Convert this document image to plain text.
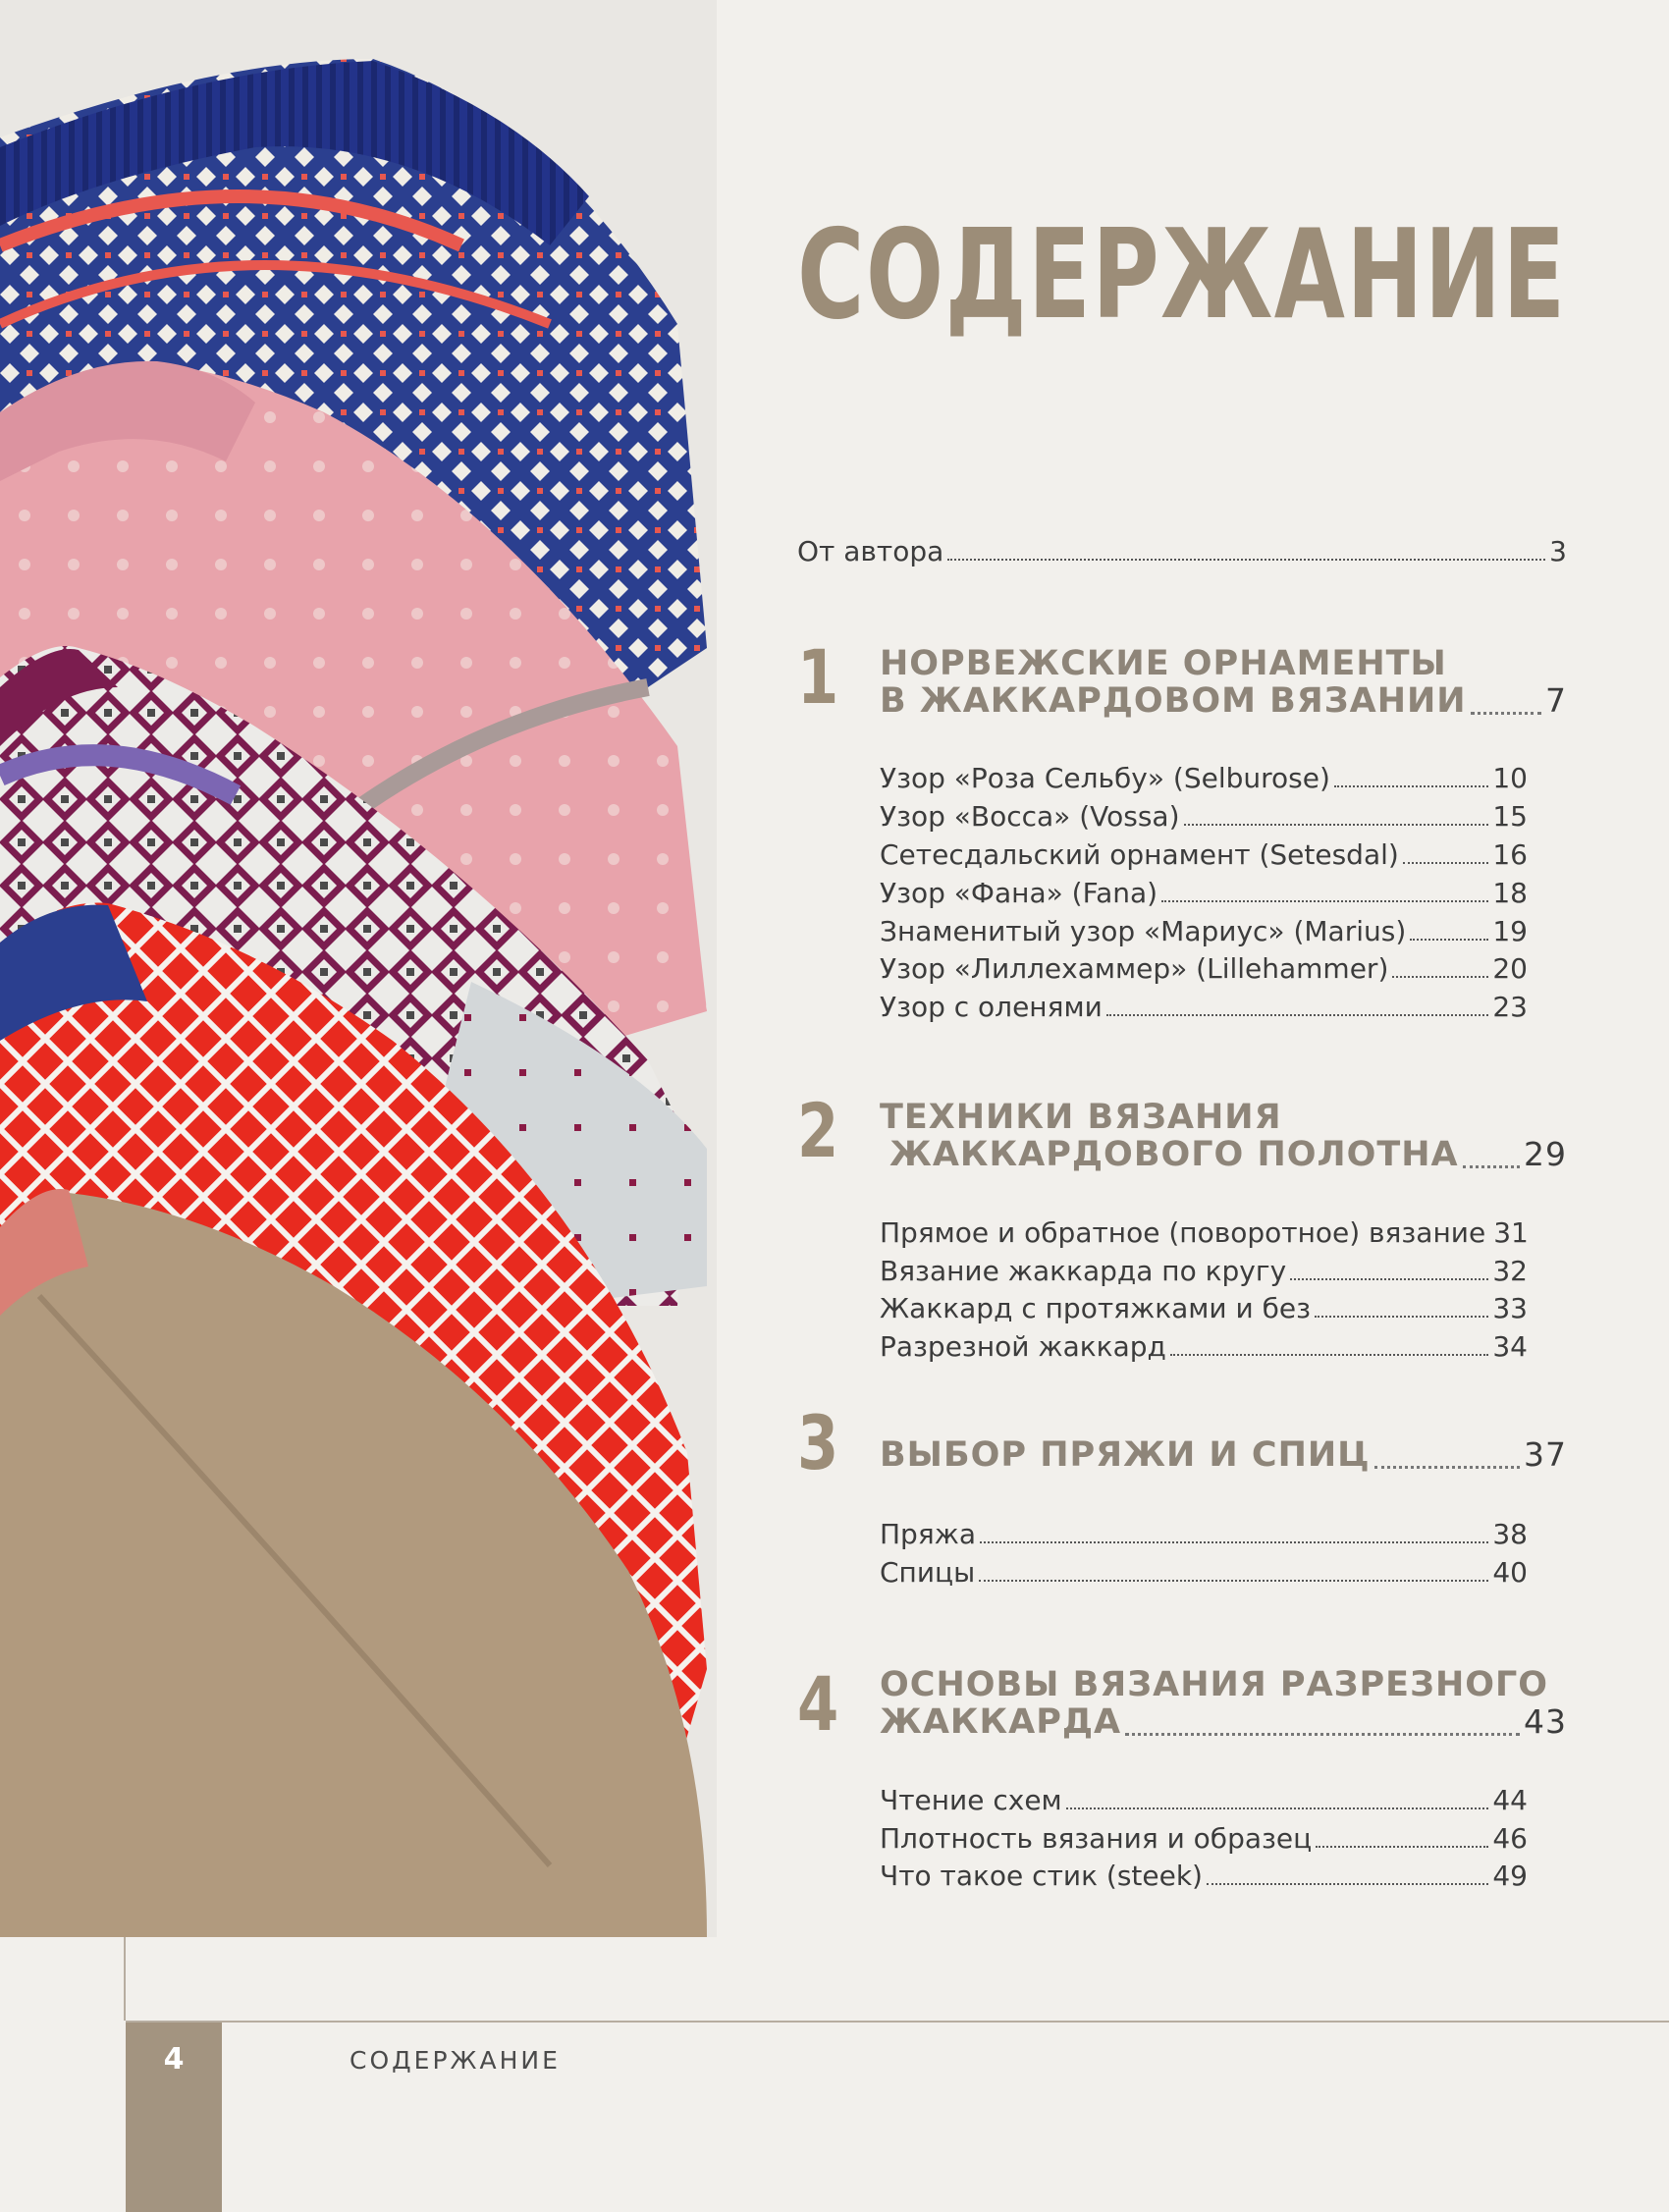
СОДЕРЖАНИЕ
От автора	3
1 НОРВЕЖСКИЕ ОРНАМЕНТЫ
В ЖАККАРДОВОМ ВЯЗАНИИ 7
Узор «Роза Сельбу» (Selburose)	10
Узор «Восса» (Vossa)	15
Сетесдальский орнамент (Setesdal)	16
Узор «Фана» (Fana)	18
Знаменитый узор «Мариус» (Marius)	19
Узор «Лиллехаммер» (Lillehammer)	20
Узор с оленями	23
2 ТЕХНИКИ ВЯЗАНИЯ
ЖАККАРДОВОГО ПОЛОТНА 29
Прямое и обратное (поворотное) вязание 31
Вязание жаккарда по кругу	32
Жаккард с протяжками и без	33
Разрезной жаккард	34
3 ВЫБОР ПРЯЖИ И СПИЦ	37
Пряжа	38
Спицы	40
4 ОСНОВЫ ВЯЗАНИЯ РАЗРЕЗНОГО
ЖАККАРДА	43
Чтение схем	44
Плотность вязания и образец	46
Что такое стик (steek)	49
4	СОДЕРЖАНИЕ
